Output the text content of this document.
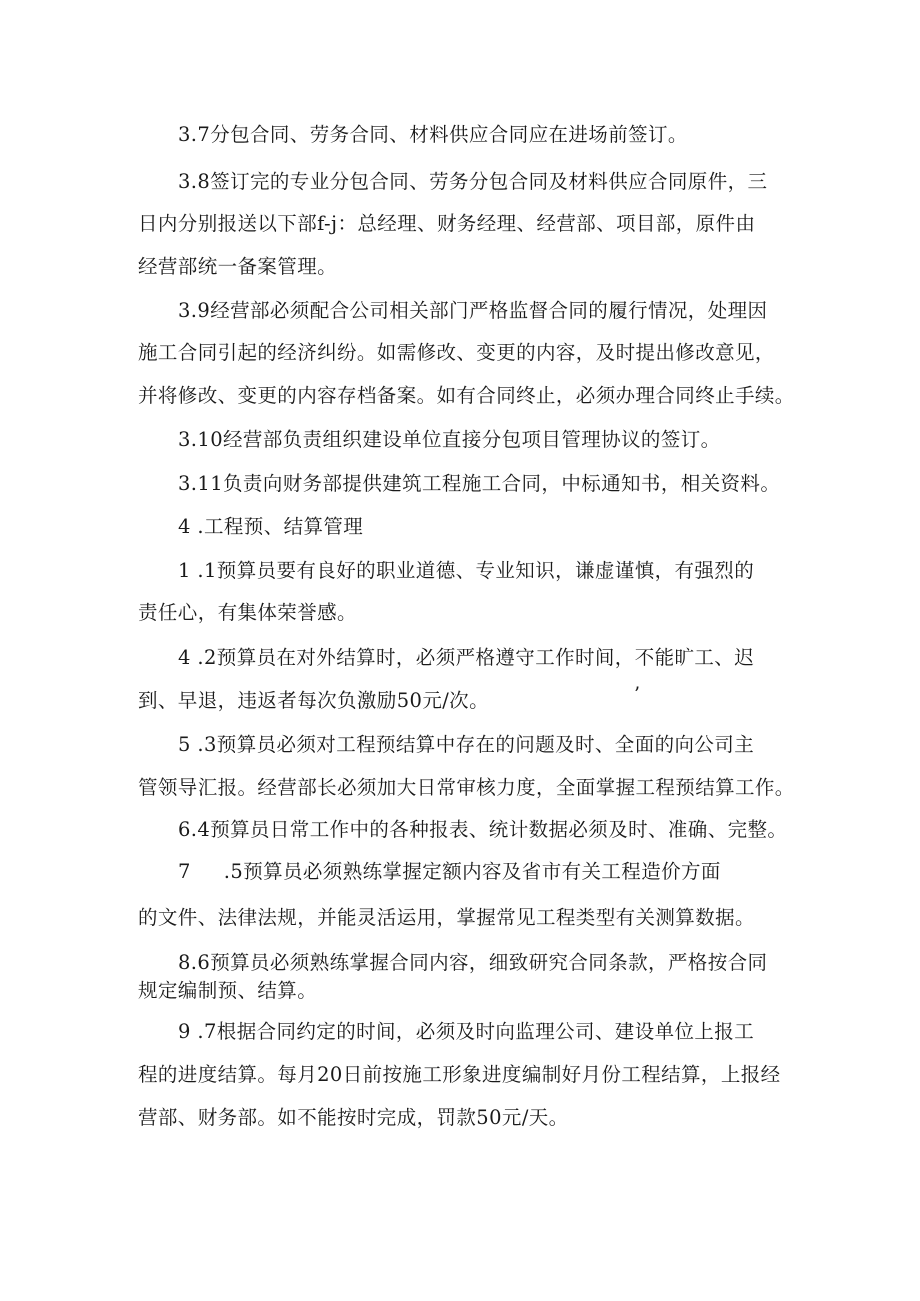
3.7分包合同、劳务合同、材料供应合同应在进场前签订。
3.8签订完的专业分包合同、劳务分包合同及材料供应合同原件，三
日内分别报送以下部f-j：总经理、财务经理、经营部、项目部，原件由
经营部统一备案管理。
3.9经营部必须配合公司相关部门严格监督合同的履行情况，处理因
施工合同引起的经济纠纷。如需修改、变更的内容，及时提出修改意见，
并将修改、变更的内容存档备案。如有合同终止，必须办理合同终止手续。
3.10经营部负责组织建设单位直接分包项目管理协议的签订。
3.11负责向财务部提供建筑工程施工合同，中标通知书，相关资料。
4 .工程预、结算管理
1 .1预算员要有良好的职业道德、专业知识，谦虚谨慎，有强烈的
责任心，有集体荣誉感。
4 .2预算员在对外结算时，必须严格遵守工作时间，不能旷工、迟
到、早退，违返者每次负激励50元/次。	’
5 .3预算员必须对工程预结算中存在的问题及时、全面的向公司主
管领导汇报。经营部长必须加大日常审核力度，全面掌握工程预结算工作。
6.4预算员日常工作中的各种报表、统计数据必须及时、准确、完整。
7     .5预算员必须熟练掌握定额内容及省市有关工程造价方面
的文件、法律法规，并能灵活运用，掌握常见工程类型有关测算数据。
8.6预算员必须熟练掌握合同内容，细致研究合同条款，严格按合同
规定编制预、结算。
9 .7根据合同约定的时间，必须及时向监理公司、建设单位上报工
程的进度结算。每月20日前按施工形象进度编制好月份工程结算，上报经
营部、财务部。如不能按时完成，罚款50元/天。
